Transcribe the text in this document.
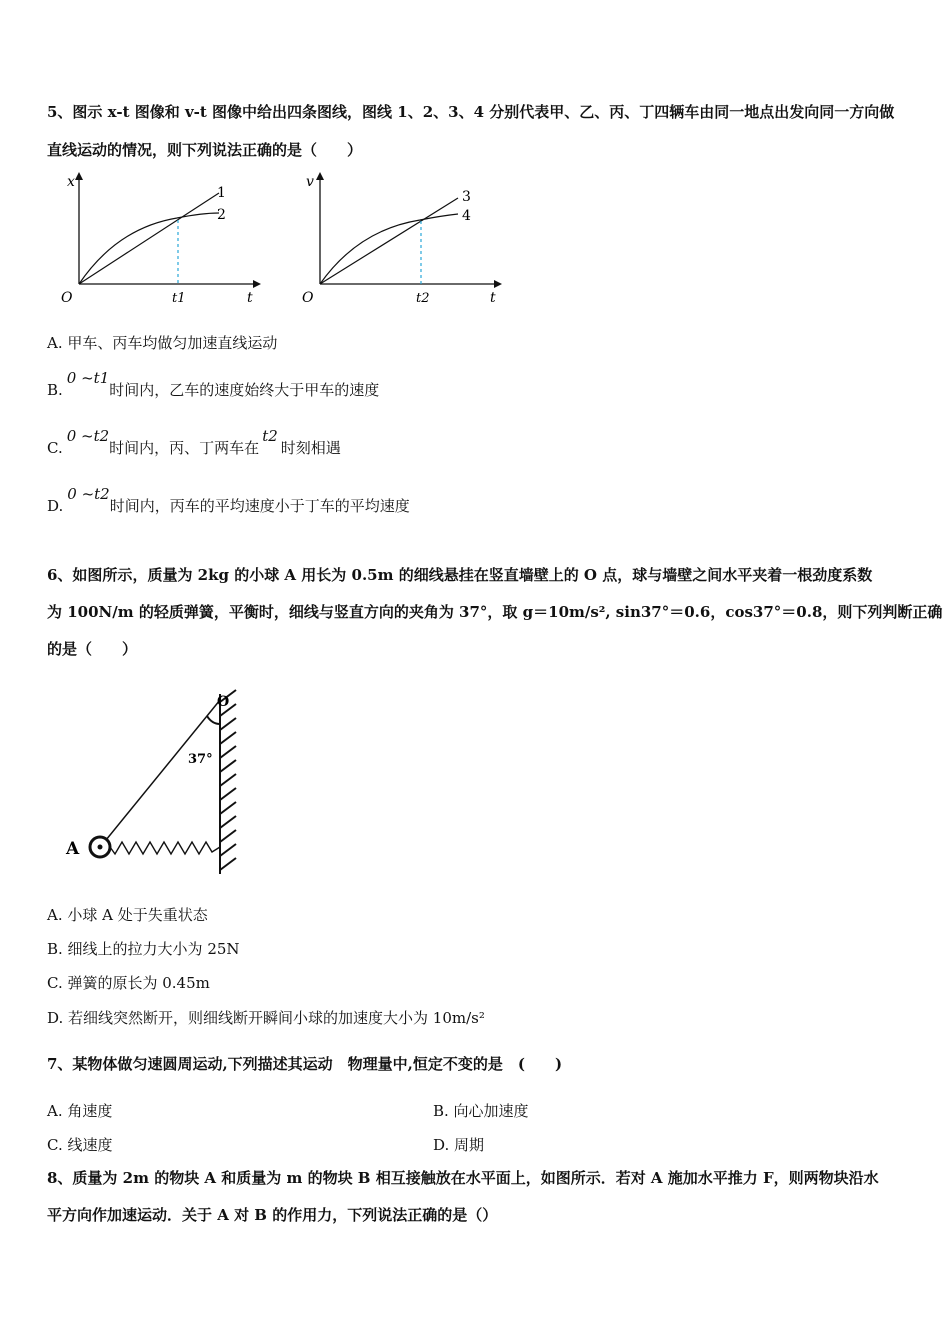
5、图示 x-t 图像和 v-t 图像中给出四条图线，图线 1、2、3、4 分别代表甲、乙、丙、丁四辆车由同一地点出发向同一方向做
直线运动的情况，则下列说法正确的是（　　）
x
t
O	t1
1
2
v
t
O	t2
3
4
A. 甲车、丙车均做匀加速直线运动
B.0 ~t1时间内，乙车的速度始终大于甲车的速度
C.0 ~t2时间内，丙、丁两车在t2时刻相遇
D.0 ~t2时间内，丙车的平均速度小于丁车的平均速度
6、如图所示，质量为 2kg 的小球 A 用长为 0.5m 的细线悬挂在竖直墙壁上的 O 点，球与墙壁之间水平夹着一根劲度系数
为 100N/m 的轻质弹簧，平衡时，细线与竖直方向的夹角为 37°，取 g＝10m/s², sin37°＝0.6，cos37°＝0.8，则下列判断正确
的是（　　）
O
37°
A
A. 小球 A 处于失重状态
B. 细线上的拉力大小为 25N
C. 弹簧的原长为 0.45m
D. 若细线突然断开，则细线断开瞬间小球的加速度大小为 10m/s²
7、某物体做匀速圆周运动,下列描述其运动　物理量中,恒定不变的是　(　　)
A. 角速度	B. 向心加速度
C. 线速度	D. 周期
8、质量为 2m 的物块 A 和质量为 m 的物块 B 相互接触放在水平面上，如图所示．若对 A 施加水平推力 F，则两物块沿水
平方向作加速运动．关于 A 对 B 的作用力，下列说法正确的是（）
